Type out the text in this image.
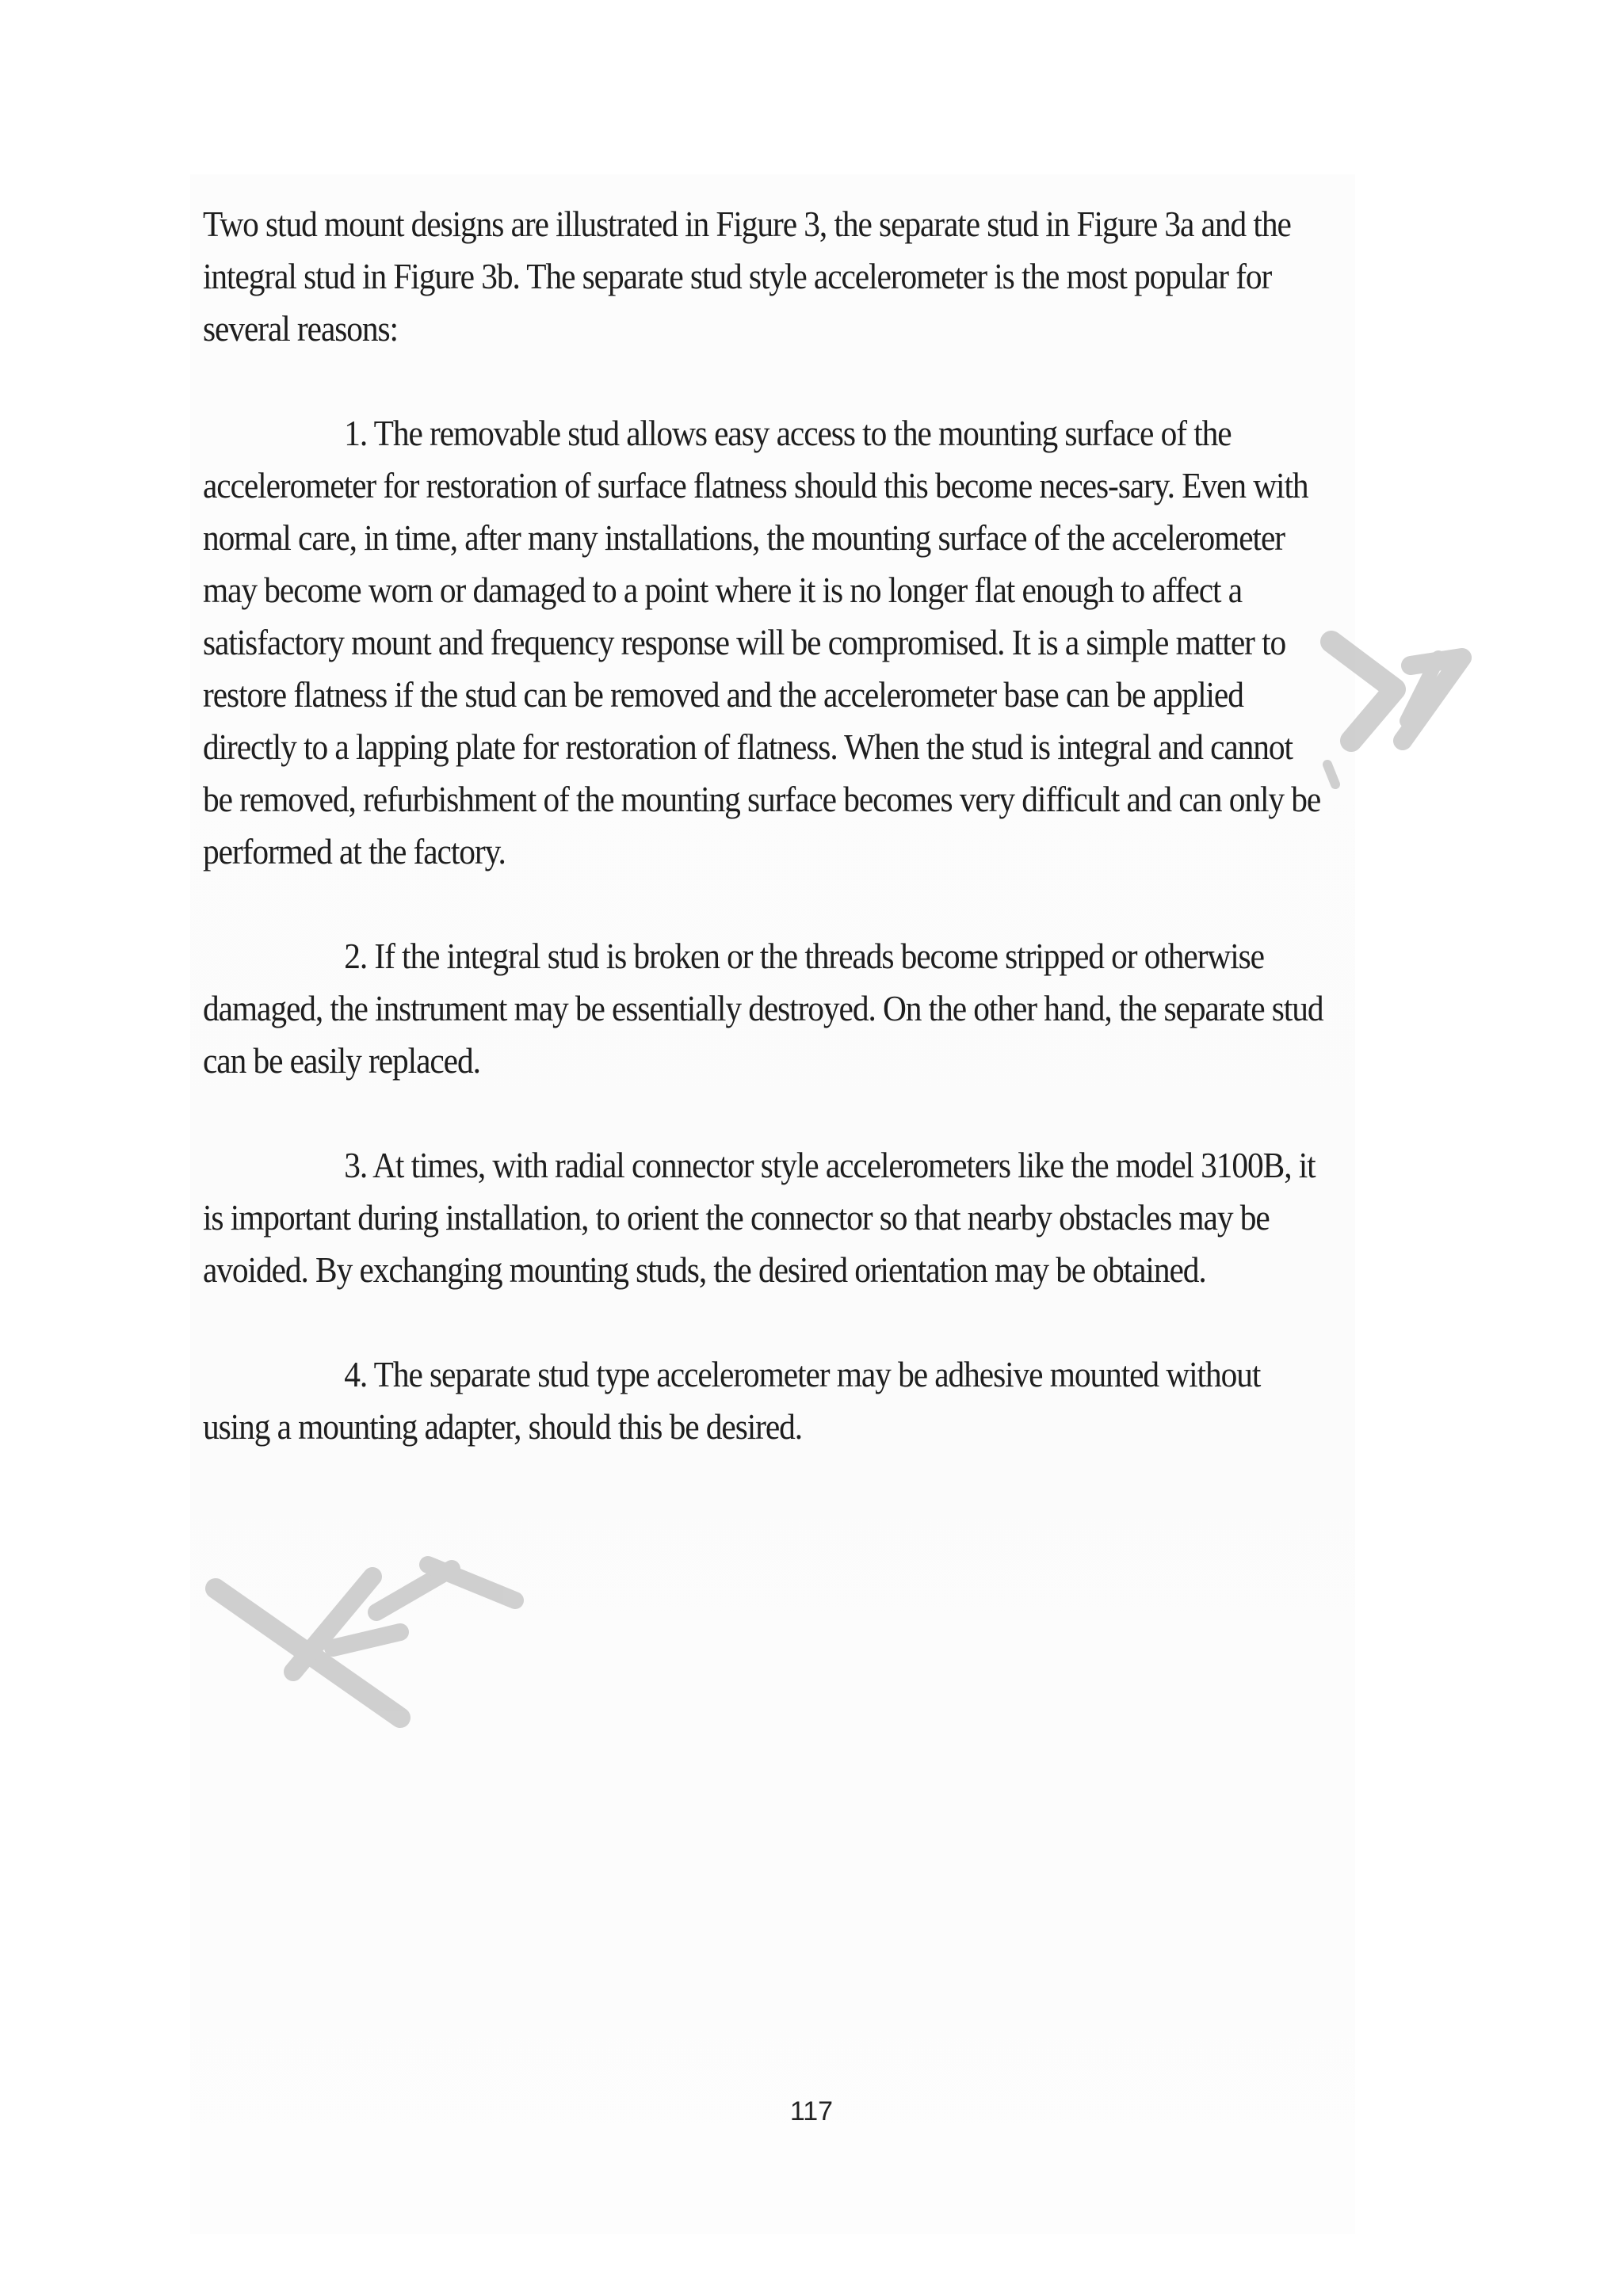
Two stud mount designs are illustrated in Figure 3, the separate stud in Figure 3a and the integral stud in Figure 3b. The separate stud style accelerometer is the most popular for several reasons:

1. The removable stud allows easy access to the mounting surface of the accelerometer for restoration of surface flatness should this become neces-sary. Even with normal care, in time, after many installations, the mounting surface of the accelerometer may become worn or damaged to a point where it is no longer flat enough to affect a satisfactory mount and frequency response will be compromised. It is a simple matter to restore flatness if the stud can be removed and the accelerometer base can be applied directly to a lapping plate for restoration of flatness. When the stud is integral and cannot be removed, refurbishment of the mounting surface becomes very difficult and can only be performed at the factory.

2. If the integral stud is broken or the threads become stripped or otherwise damaged, the instrument may be essentially destroyed. On the other hand, the separate stud can be easily replaced.

3. At times, with radial connector style accelerometers like the model 3100B, it is important during installation, to orient the connector so that nearby obstacles may be avoided. By exchanging mounting studs, the desired orientation may be obtained.

4. The separate stud type accelerometer may be adhesive mounted without using a mounting adapter, should this be desired.

117
